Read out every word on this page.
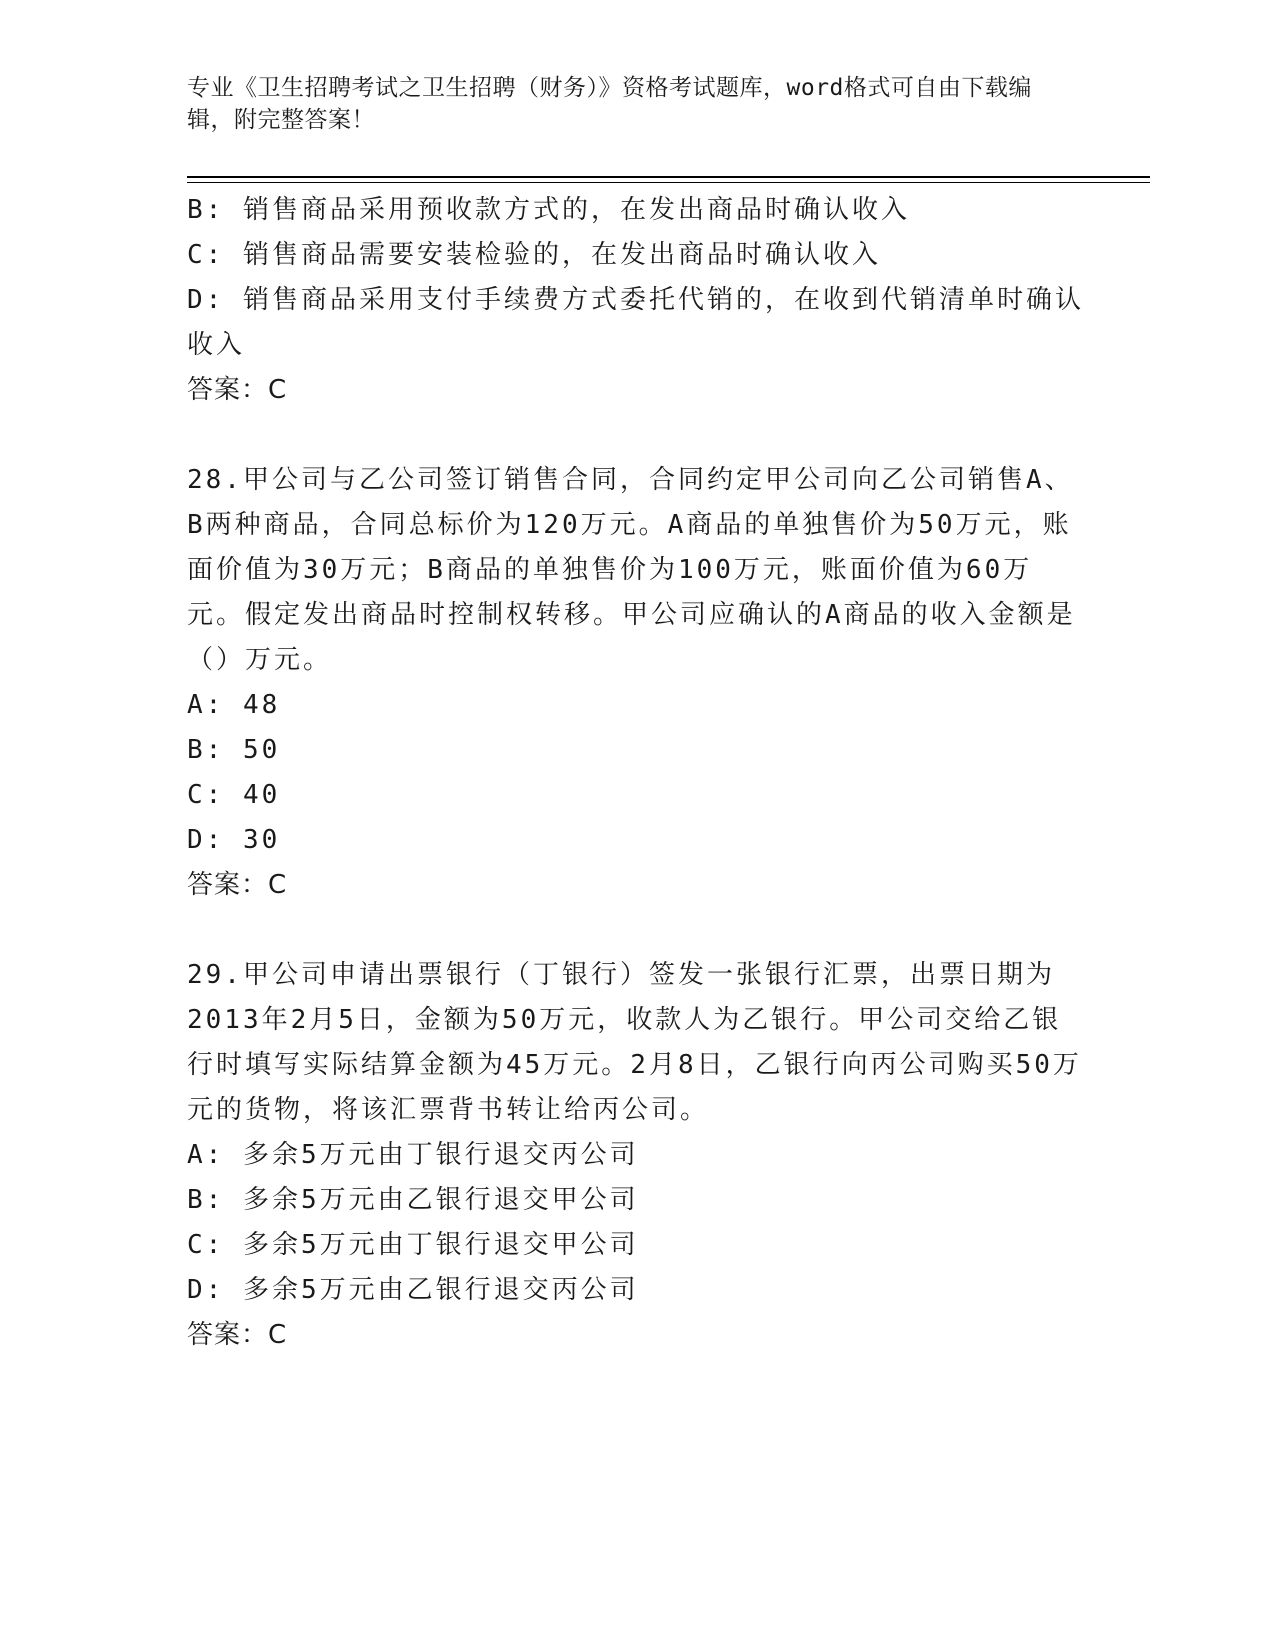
专业《卫生招聘考试之卫生招聘（财务）》资格考试题库，word格式可自由下载编辑，附完整答案！

B: 销售商品采用预收款方式的，在发出商品时确认收入

C: 销售商品需要安装检验的，在发出商品时确认收入

D: 销售商品采用支付手续费方式委托代销的，在收到代销清单时确认收入

答案：C

28.甲公司与乙公司签订销售合同，合同约定甲公司向乙公司销售A、B两种商品，合同总标价为120万元。A商品的单独售价为50万元，账面价值为30万元；B商品的单独售价为100万元，账面价值为60万元。假定发出商品时控制权转移。甲公司应确认的A商品的收入金额是（）万元。

A: 48

B: 50

C: 40

D: 30

答案：C

29.甲公司申请出票银行（丁银行）签发一张银行汇票，出票日期为2013年2月5日，金额为50万元，收款人为乙银行。甲公司交给乙银行时填写实际结算金额为45万元。2月8日，乙银行向丙公司购买50万元的货物，将该汇票背书转让给丙公司。

A: 多余5万元由丁银行退交丙公司

B: 多余5万元由乙银行退交甲公司

C: 多余5万元由丁银行退交甲公司

D: 多余5万元由乙银行退交丙公司

答案：C
